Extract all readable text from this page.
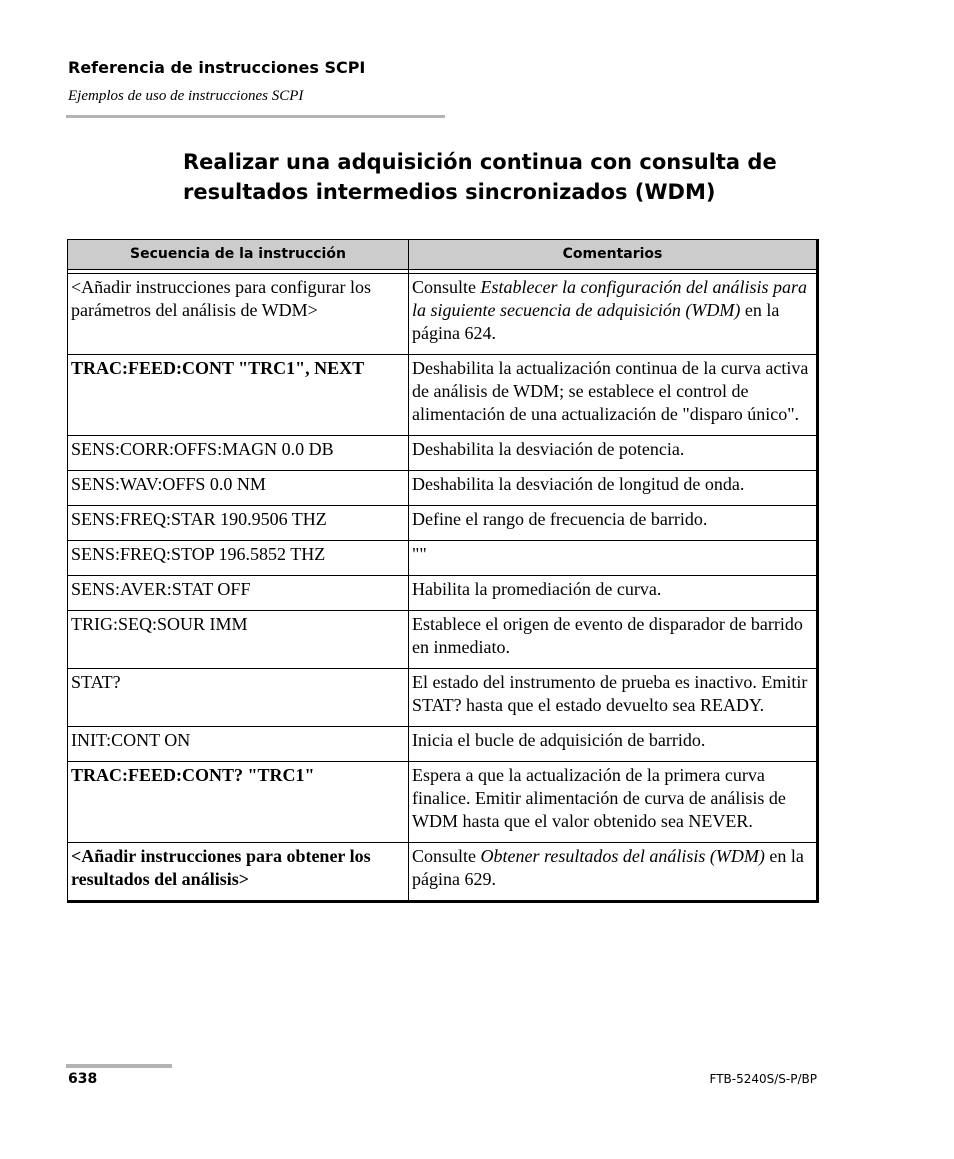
Referencia de instrucciones SCPI
Ejemplos de uso de instrucciones SCPI
Realizar una adquisición continua con consulta de resultados intermedios sincronizados (WDM)
Secuencia de la instrucción	Comentarios

<Añadir instrucciones para configurar los parámetros del análisis de WDM>	Consulte Establecer la configuración del análisis para la siguiente secuencia de adquisición (WDM) en la página 624.
TRAC:FEED:CONT "TRC1", NEXT	Deshabilita la actualización continua de la curva activa de análisis de WDM; se establece el control de alimentación de una actualización de "disparo único".
SENS:CORR:OFFS:MAGN 0.0 DB	Deshabilita la desviación de potencia.
SENS:WAV:OFFS 0.0 NM	Deshabilita la desviación de longitud de onda.
SENS:FREQ:STAR 190.9506 THZ	Define el rango de frecuencia de barrido.
SENS:FREQ:STOP 196.5852 THZ	""
SENS:AVER:STAT OFF	Habilita la promediación de curva.
TRIG:SEQ:SOUR IMM	Establece el origen de evento de disparador de barrido en inmediato.
STAT?	El estado del instrumento de prueba es inactivo. Emitir STAT? hasta que el estado devuelto sea READY.
INIT:CONT ON	Inicia el bucle de adquisición de barrido.
TRAC:FEED:CONT? "TRC1"	Espera a que la actualización de la primera curva finalice. Emitir alimentación de curva de análisis de WDM hasta que el valor obtenido sea NEVER.
<Añadir instrucciones para obtener los resultados del análisis>	Consulte Obtener resultados del análisis (WDM) en la página 629.
638	FTB-5240S/S-P/BP
